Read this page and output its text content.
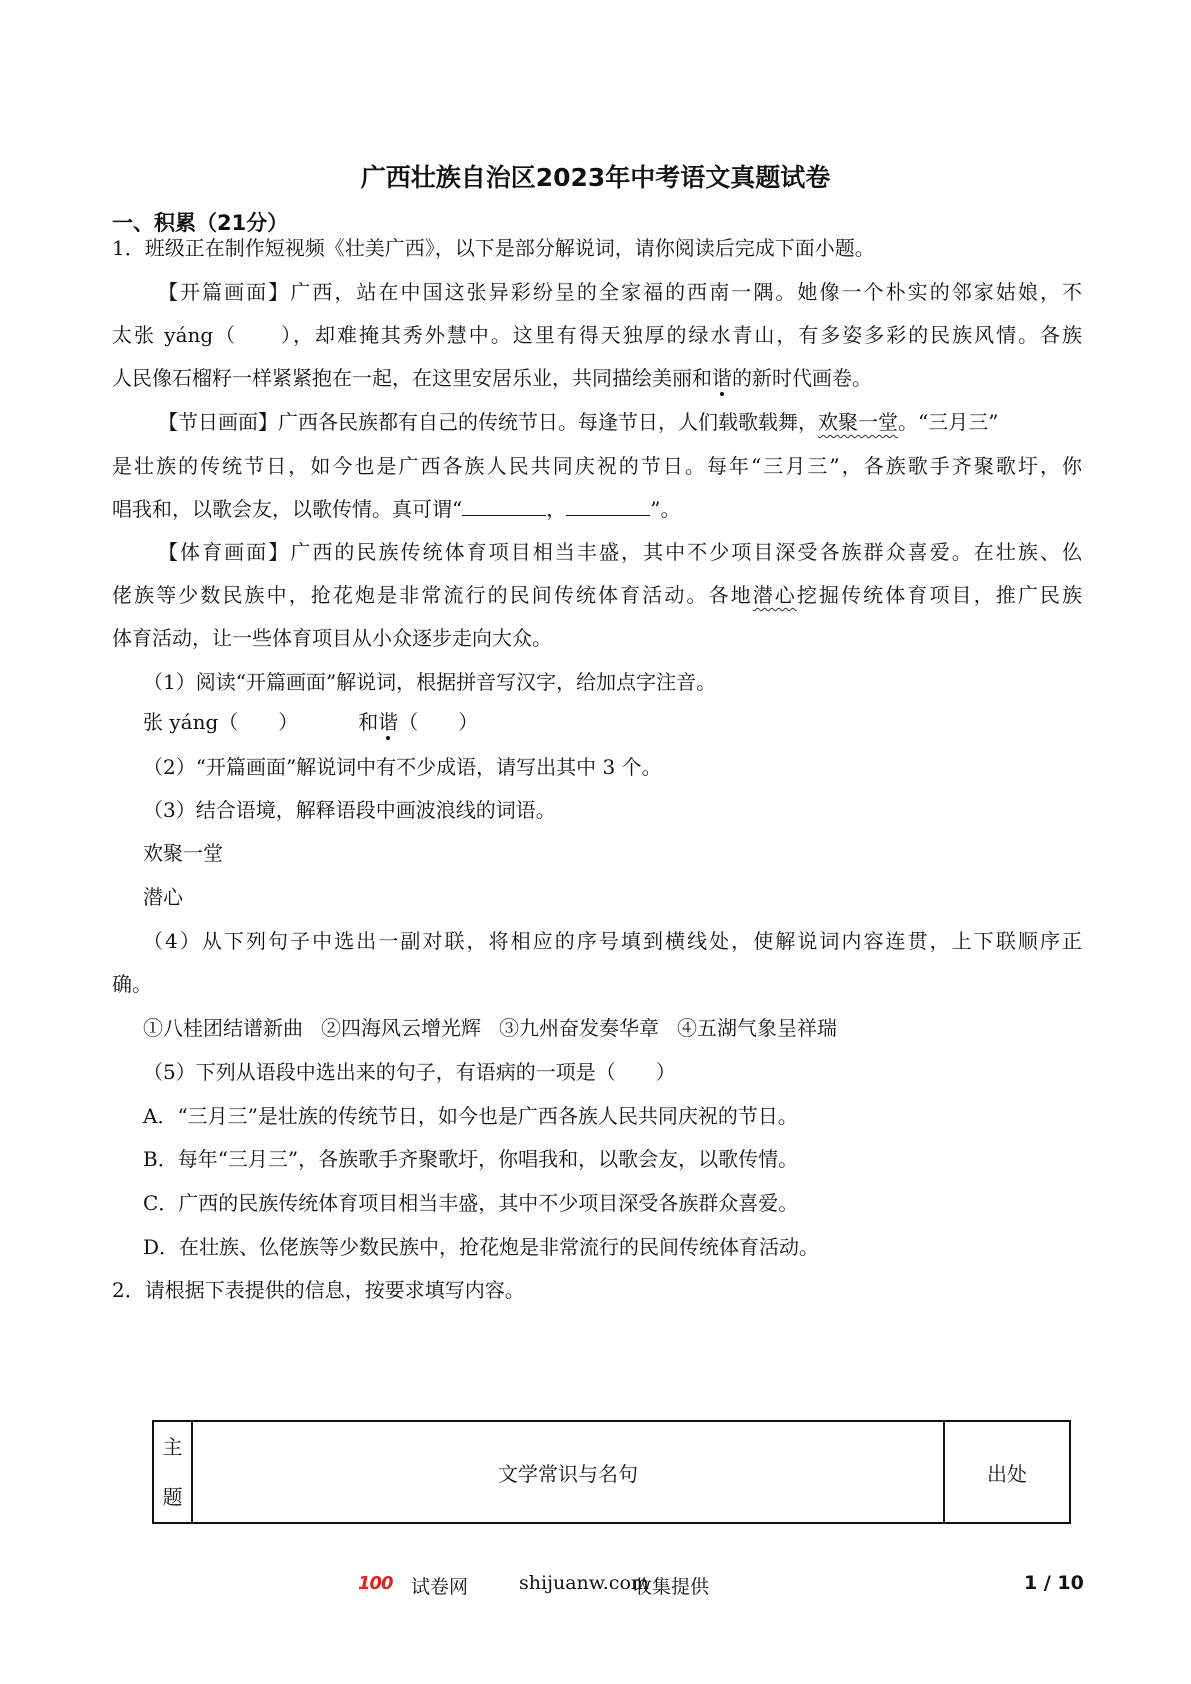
广西壮族自治区2023年中考语文真题试卷
一、积累（21分）
1．班级正在制作短视频《壮美广西》，以下是部分解说词，请你阅读后完成下面小题。
【开篇画面】广西，站在中国这张异彩纷呈的全家福的西南一隅。她像一个朴实的邻家姑娘，不
太张 yáng（　　），却难掩其秀外慧中。这里有得天独厚的绿水青山，有多姿多彩的民族风情。各族
人民像石榴籽一样紧紧抱在一起，在这里安居乐业，共同描绘美丽和谐的新时代画卷。
【节日画面】广西各民族都有自己的传统节日。每逢节日，人们载歌载舞，欢聚一堂。“三月三”
是壮族的传统节日，如今也是广西各族人民共同庆祝的节日。每年“三月三”，各族歌手齐聚歌圩，你
唱我和，以歌会友，以歌传情。真可谓“	，	”。
【体育画面】广西的民族传统体育项目相当丰盛，其中不少项目深受各族群众喜爱。在壮族、仫
佬族等少数民族中，抢花炮是非常流行的民间传统体育活动。各地潜心挖掘传统体育项目，推广民族
体育活动，让一些体育项目从小众逐步走向大众。
（1）阅读“开篇画面”解说词，根据拼音写汉字，给加点字注音。
张 yáng（　　）	和谐（　　）
（2）“开篇画面”解说词中有不少成语，请写出其中 3 个。
（3）结合语境，解释语段中画波浪线的词语。
欢聚一堂
潜心
（4）从下列句子中选出一副对联，将相应的序号填到横线处，使解说词内容连贯，上下联顺序正
确。
①八桂团结谱新曲 ②四海风云增光辉 ③九州奋发奏华章 ④五湖气象呈祥瑞
（5）下列从语段中选出来的句子，有语病的一项是（　　）
A．“三月三”是壮族的传统节日，如今也是广西各族人民共同庆祝的节日。
B．每年“三月三”，各族歌手齐聚歌圩，你唱我和，以歌会友，以歌传情。
C．广西的民族传统体育项目相当丰盛，其中不少项目深受各族群众喜爱。
D．在壮族、仫佬族等少数民族中，抢花炮是非常流行的民间传统体育活动。
2．请根据下表提供的信息，按要求填写内容。
主
题	文学常识与名句	出处
100 试卷网	shijuanw.com
收集提供	1 / 10
